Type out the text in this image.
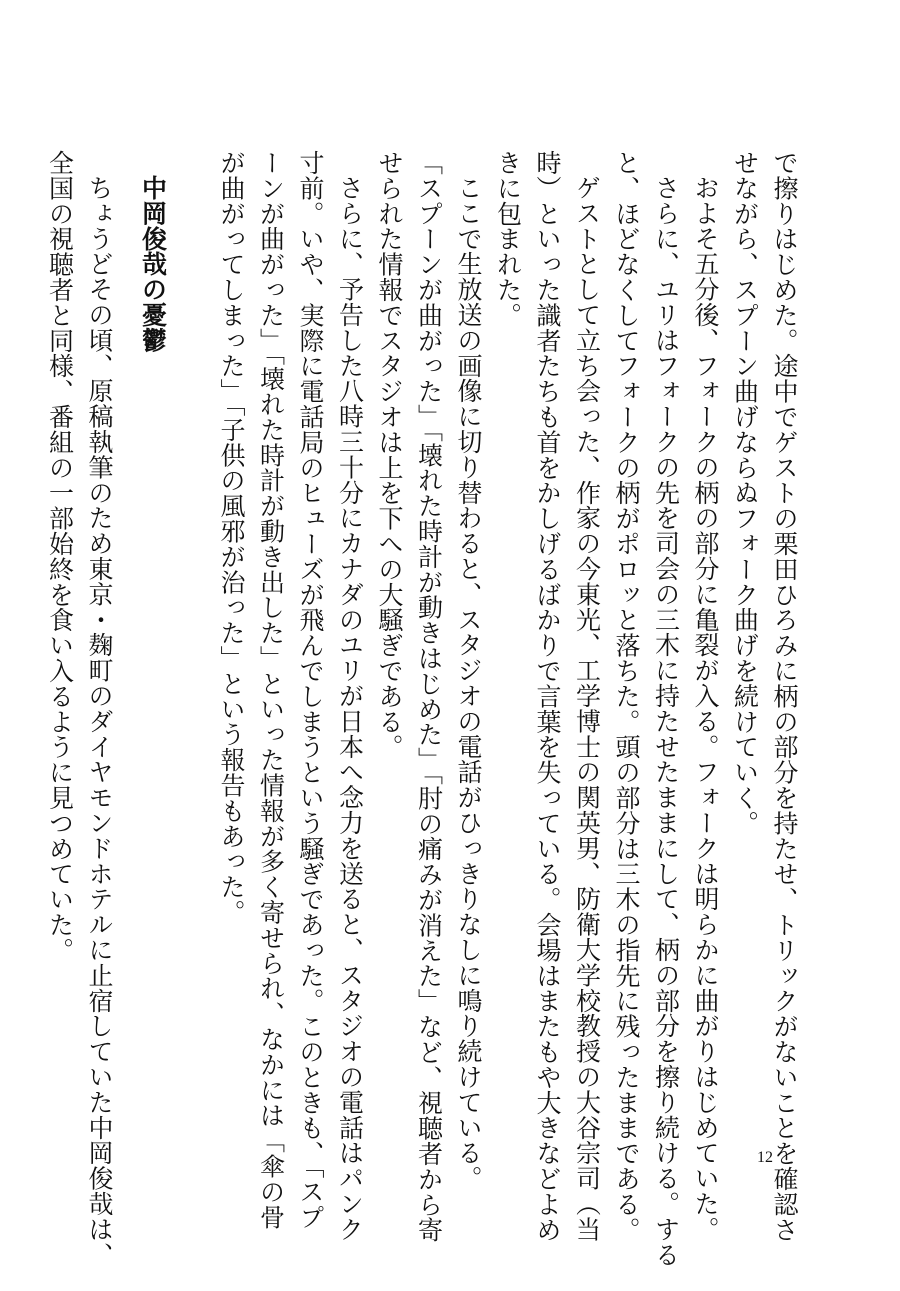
で擦りはじめた。途中でゲストの栗田ひろみに柄の部分を持たせ、トリックがないことを確認さ
せながら、スプーン曲げならぬフォーク曲げを続けていく。
およそ五分後、フォークの柄の部分に亀裂が入る。フォークは明らかに曲がりはじめていた。
さらに、ユリはフォークの先を司会の三木に持たせたままにして、柄の部分を擦り続ける。する
と、ほどなくしてフォークの柄がポロッと落ちた。頭の部分は三木の指先に残ったままである。
ゲストとして立ち会った、作家の今東光、工学博士の関英男、防衛大学校教授の大谷宗司（当
時）といった識者たちも首をかしげるばかりで言葉を失っている。会場はまたもや大きなどよめ
きに包まれた。
ここで生放送の画像に切り替わると、スタジオの電話がひっきりなしに鳴り続けている。
「スプーンが曲がった」「壊れた時計が動きはじめた」「肘の痛みが消えた」など、視聴者から寄
せられた情報でスタジオは上を下への大騒ぎである。
さらに、予告した八時三十分にカナダのユリが日本へ念力を送ると、スタジオの電話はパンク
寸前。いや、実際に電話局のヒューズが飛んでしまうという騒ぎであった。このときも、「スプ
ーンが曲がった」「壊れた時計が動き出した」といった情報が多く寄せられ、なかには「傘の骨
が曲がってしまった」「子供の風邪が治った」という報告もあった。
中岡俊哉の憂鬱
ちょうどその頃、原稿執筆のため東京・麹町のダイヤモンドホテルに止宿していた中岡俊哉は、
全国の視聴者と同様、番組の一部始終を食い入るように見つめていた。
12
